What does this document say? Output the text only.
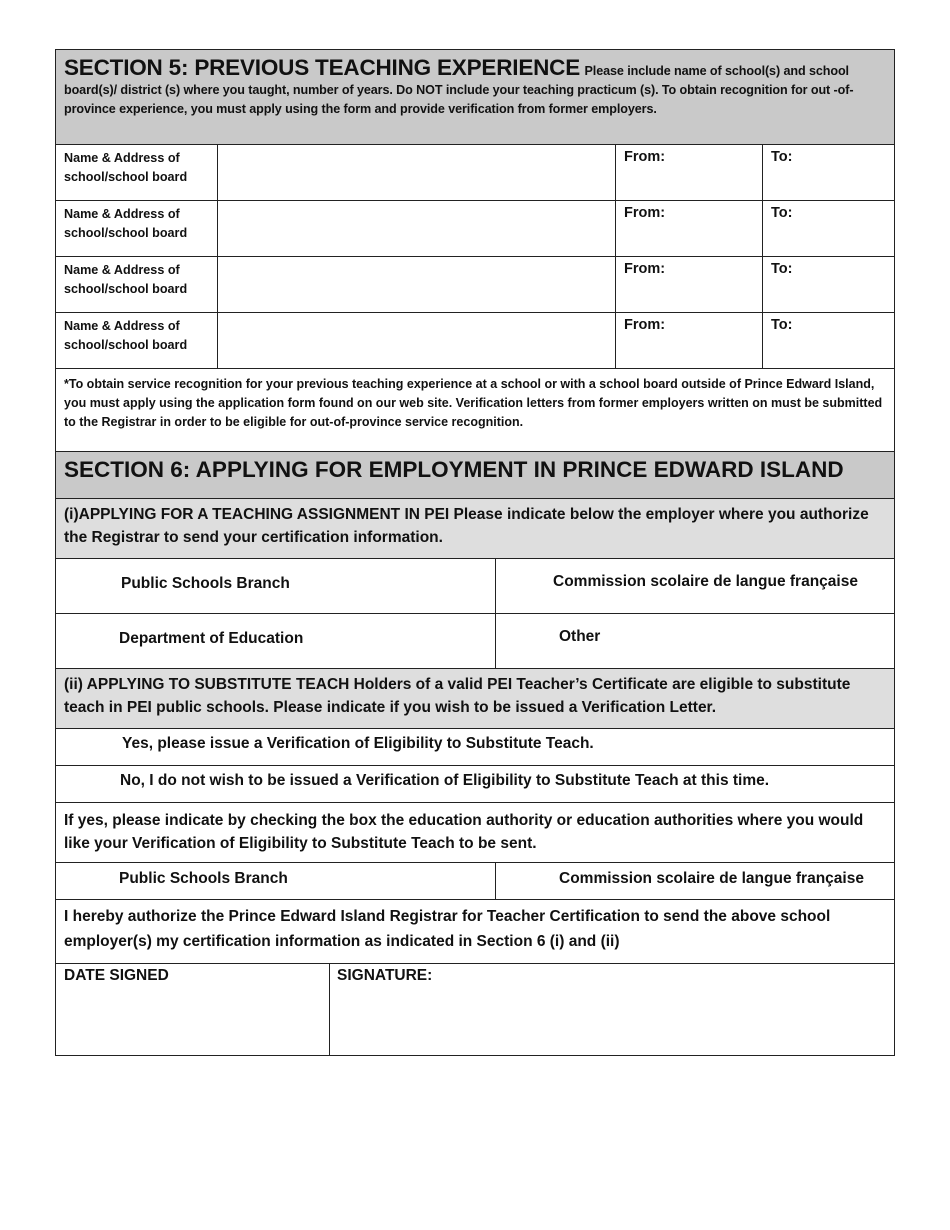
SECTION 5: PREVIOUS TEACHING EXPERIENCE Please include name of school(s) and school board(s)/ district (s) where you taught, number of years. Do NOT include your teaching practicum (s). To obtain recognition for out -of-province experience, you must apply using the form and provide verification from former employers.
Name & Address of school/school board
From:	To:
Name & Address of school/school board
From:	To:
Name & Address of school/school board
From:	To:
Name & Address of school/school board
From:	To:
*To obtain service recognition for your previous teaching experience at a school or with a school board outside of Prince Edward Island, you must apply using the application form found on our web site. Verification letters from former employers written on must be submitted to the Registrar in order to be eligible for out-of-province service recognition.
SECTION 6: APPLYING FOR EMPLOYMENT IN PRINCE EDWARD ISLAND
(i)APPLYING FOR A TEACHING ASSIGNMENT IN PEI Please indicate below the employer where you authorize the Registrar to send your certification information.
Public Schools Branch	Commission scolaire de langue française
Department of Education	Other
(ii) APPLYING TO SUBSTITUTE TEACH Holders of a valid PEI Teacher’s Certificate are eligible to substitute teach in PEI public schools. Please indicate if you wish to be issued a Verification Letter.
Yes, please issue a Verification of Eligibility to Substitute Teach.
No, I do not wish to be issued a Verification of Eligibility to Substitute Teach at this time.
If yes, please indicate by checking the box the education authority or education authorities where you would like your Verification of Eligibility to Substitute Teach to be sent.
Public Schools Branch	Commission scolaire de langue française
I hereby authorize the Prince Edward Island Registrar for Teacher Certification to send the above school employer(s) my certification information as indicated in Section 6 (i) and (ii)
DATE SIGNED	SIGNATURE:
